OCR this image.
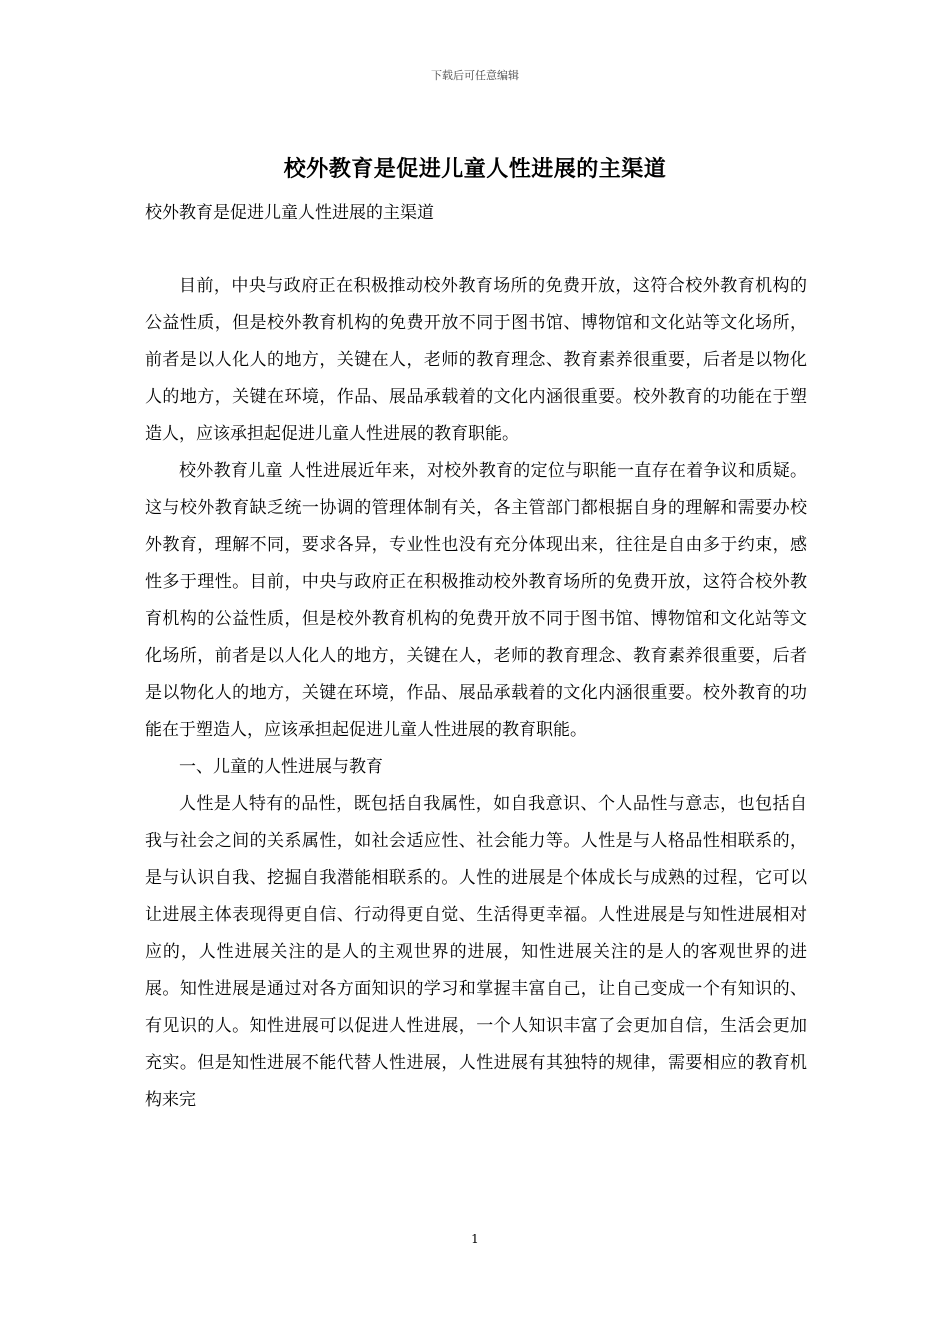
下载后可任意编辑
校外教育是促进儿童人性进展的主渠道
校外教育是促进儿童人性进展的主渠道

目前，中央与政府正在积极推动校外教育场所的免费开放，这符合校外教育机构的公益性质，但是校外教育机构的免费开放不同于图书馆、博物馆和文化站等文化场所，前者是以人化人的地方，关键在人，老师的教育理念、教育素养很重要，后者是以物化人的地方，关键在环境，作品、展品承载着的文化内涵很重要。校外教育的功能在于塑造人，应该承担起促进儿童人性进展的教育职能。

校外教育儿童 人性进展近年来，对校外教育的定位与职能一直存在着争议和质疑。这与校外教育缺乏统一协调的管理体制有关，各主管部门都根据自身的理解和需要办校外教育，理解不同，要求各异，专业性也没有充分体现出来，往往是自由多于约束，感性多于理性。目前，中央与政府正在积极推动校外教育场所的免费开放，这符合校外教育机构的公益性质，但是校外教育机构的免费开放不同于图书馆、博物馆和文化站等文化场所，前者是以人化人的地方，关键在人，老师的教育理念、教育素养很重要，后者是以物化人的地方，关键在环境，作品、展品承载着的文化内涵很重要。校外教育的功能在于塑造人，应该承担起促进儿童人性进展的教育职能。

一、儿童的人性进展与教育

人性是人特有的品性，既包括自我属性，如自我意识、个人品性与意志，也包括自我与社会之间的关系属性，如社会适应性、社会能力等。人性是与人格品性相联系的，是与认识自我、挖掘自我潜能相联系的。人性的进展是个体成长与成熟的过程，它可以让进展主体表现得更自信、行动得更自觉、生活得更幸福。人性进展是与知性进展相对应的，人性进展关注的是人的主观世界的进展，知性进展关注的是人的客观世界的进展。知性进展是通过对各方面知识的学习和掌握丰富自己，让自己变成一个有知识的、有见识的人。知性进展可以促进人性进展，一个人知识丰富了会更加自信，生活会更加充实。但是知性进展不能代替人性进展，人性进展有其独特的规律，需要相应的教育机构来完

1
